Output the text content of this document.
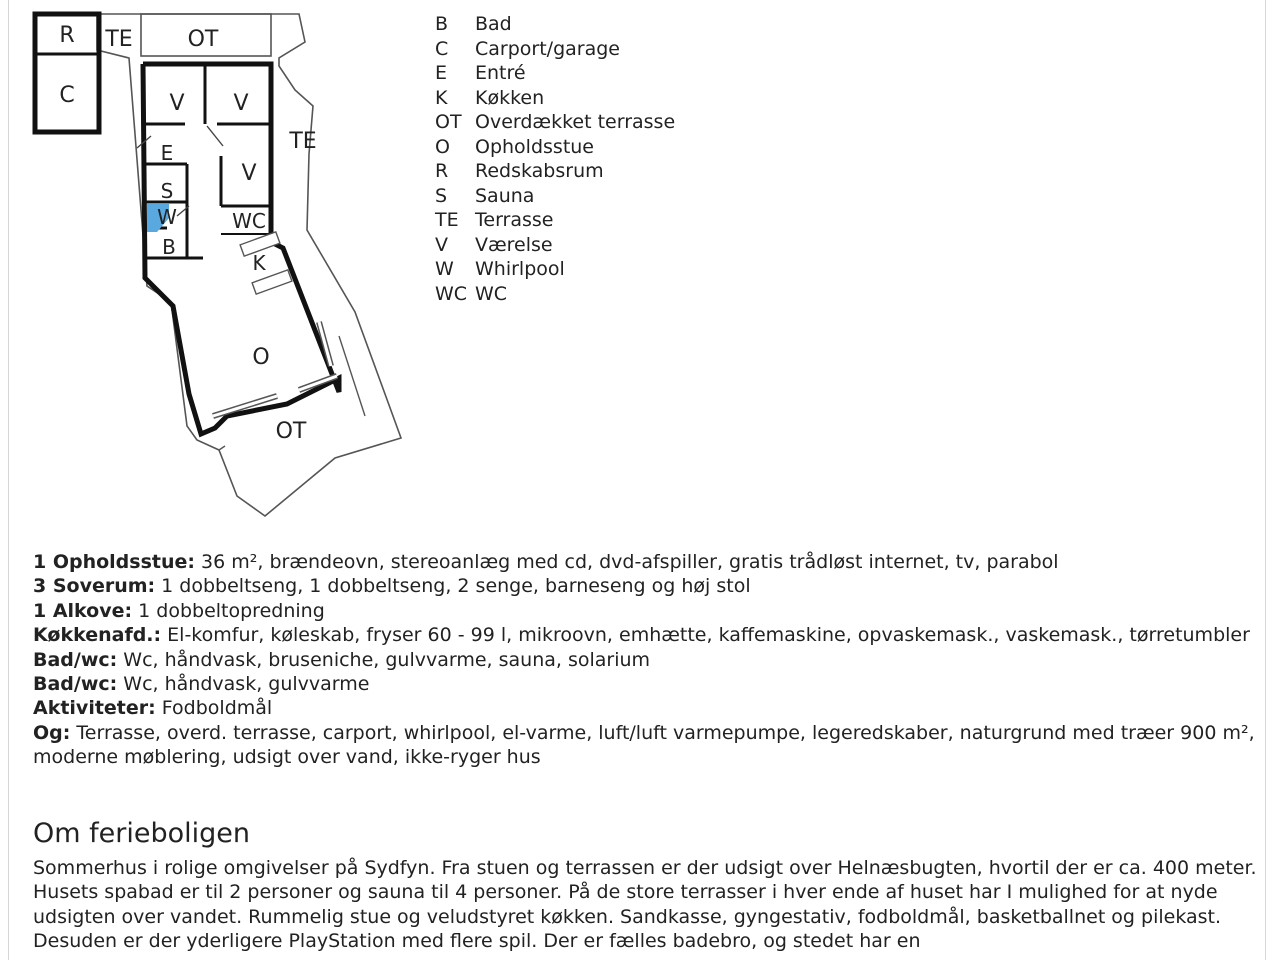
R
C
TE OT
V V
TE
E
V
S
W	WC
B
K
O
OT
B	Bad
C	Carport/garage
E	Entré
K	Køkken
OT Overdækket terrasse
O	Opholdsstue
R	Redskabsrum
S	Sauna
TE Terrasse
V	Værelse
W	Whirlpool
WC WC
1 Opholdsstue: 36 m², brændeovn, stereoanlæg med cd, dvd-afspiller, gratis trådløst internet, tv, parabol
3 Soverum: 1 dobbeltseng, 1 dobbeltseng, 2 senge, barneseng og høj stol
1 Alkove: 1 dobbeltopredning
Køkkenafd.: El-komfur, køleskab, fryser 60 - 99 l, mikroovn, emhætte, kaffemaskine, opvaskemask., vaskemask., tørretumbler
Bad/wc: Wc, håndvask, bruseniche, gulvvarme, sauna, solarium
Bad/wc: Wc, håndvask, gulvvarme
Aktiviteter: Fodboldmål
Og: Terrasse, overd. terrasse, carport, whirlpool, el-varme, luft/luft varmepumpe, legeredskaber, naturgrund med træer 900 m², moderne møblering, udsigt over vand, ikke-ryger hus
Om ferieboligen

Sommerhus i rolige omgivelser på Sydfyn. Fra stuen og terrassen er der udsigt over Helnæsbugten, hvortil der er ca. 400 meter. Husets spabad er til 2 personer og sauna til 4 personer. På de store terrasser i hver ende af huset har I mulighed for at nyde udsigten over vandet. Rummelig stue og veludstyret køkken. Sandkasse, gyngestativ, fodboldmål, basketballnet og pilekast. Desuden er der yderligere PlayStation med flere spil. Der er fælles badebro, og stedet har en
